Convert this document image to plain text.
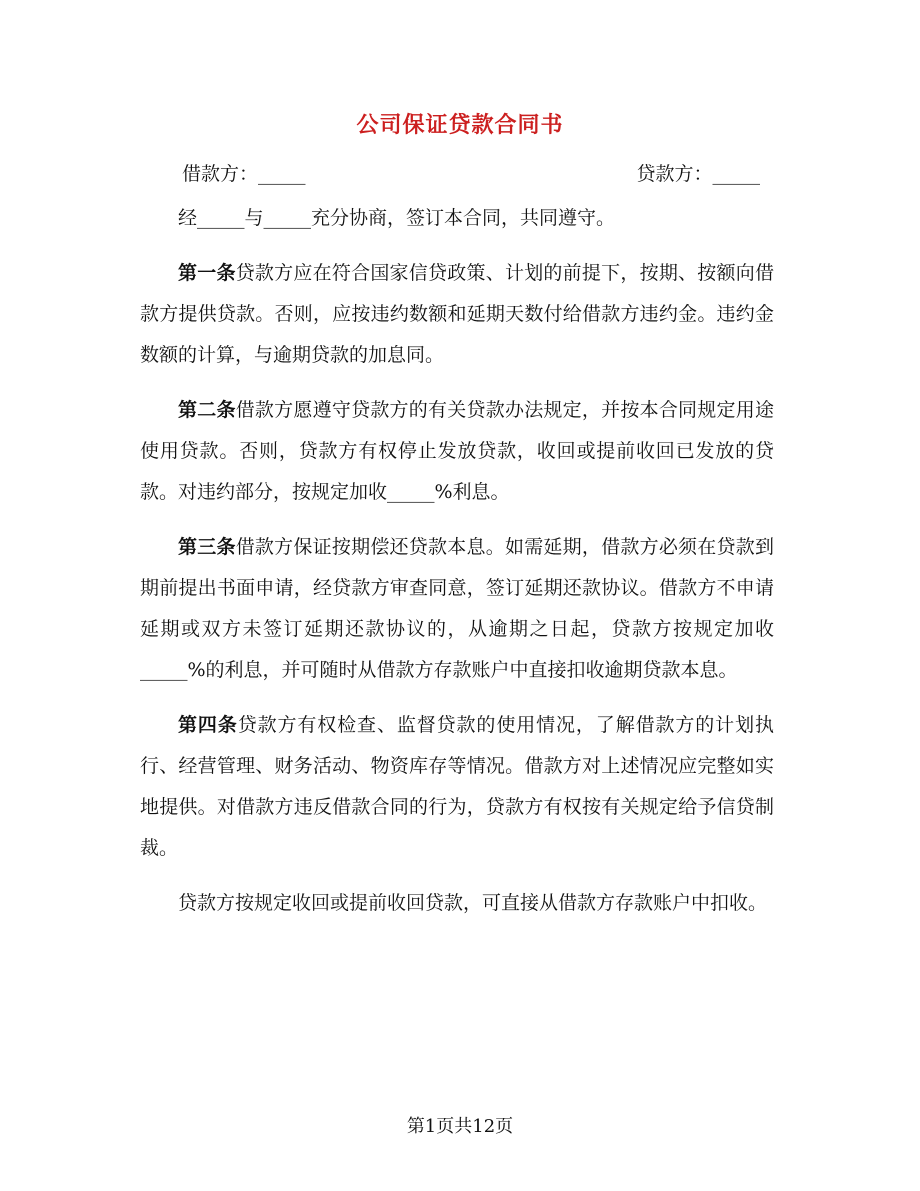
公司保证贷款合同书
借款方：_____	贷款方：_____

经_____与_____充分协商，签订本合同，共同遵守。

第一条贷款方应在符合国家信贷政策、计划的前提下，按期、按额向借款方提供贷款。否则，应按违约数额和延期天数付给借款方违约金。违约金数额的计算，与逾期贷款的加息同。

第二条借款方愿遵守贷款方的有关贷款办法规定，并按本合同规定用途使用贷款。否则，贷款方有权停止发放贷款，收回或提前收回已发放的贷款。对违约部分，按规定加收_____%利息。

第三条借款方保证按期偿还贷款本息。如需延期，借款方必须在贷款到期前提出书面申请，经贷款方审查同意，签订延期还款协议。借款方不申请延期或双方未签订延期还款协议的，从逾期之日起，贷款方按规定加收_____%的利息，并可随时从借款方存款账户中直接扣收逾期贷款本息。

第四条贷款方有权检查、监督贷款的使用情况，了解借款方的计划执行、经营管理、财务活动、物资库存等情况。借款方对上述情况应完整如实地提供。对借款方违反借款合同的行为，贷款方有权按有关规定给予信贷制裁。

贷款方按规定收回或提前收回贷款，可直接从借款方存款账户中扣收。

第1页共12页
